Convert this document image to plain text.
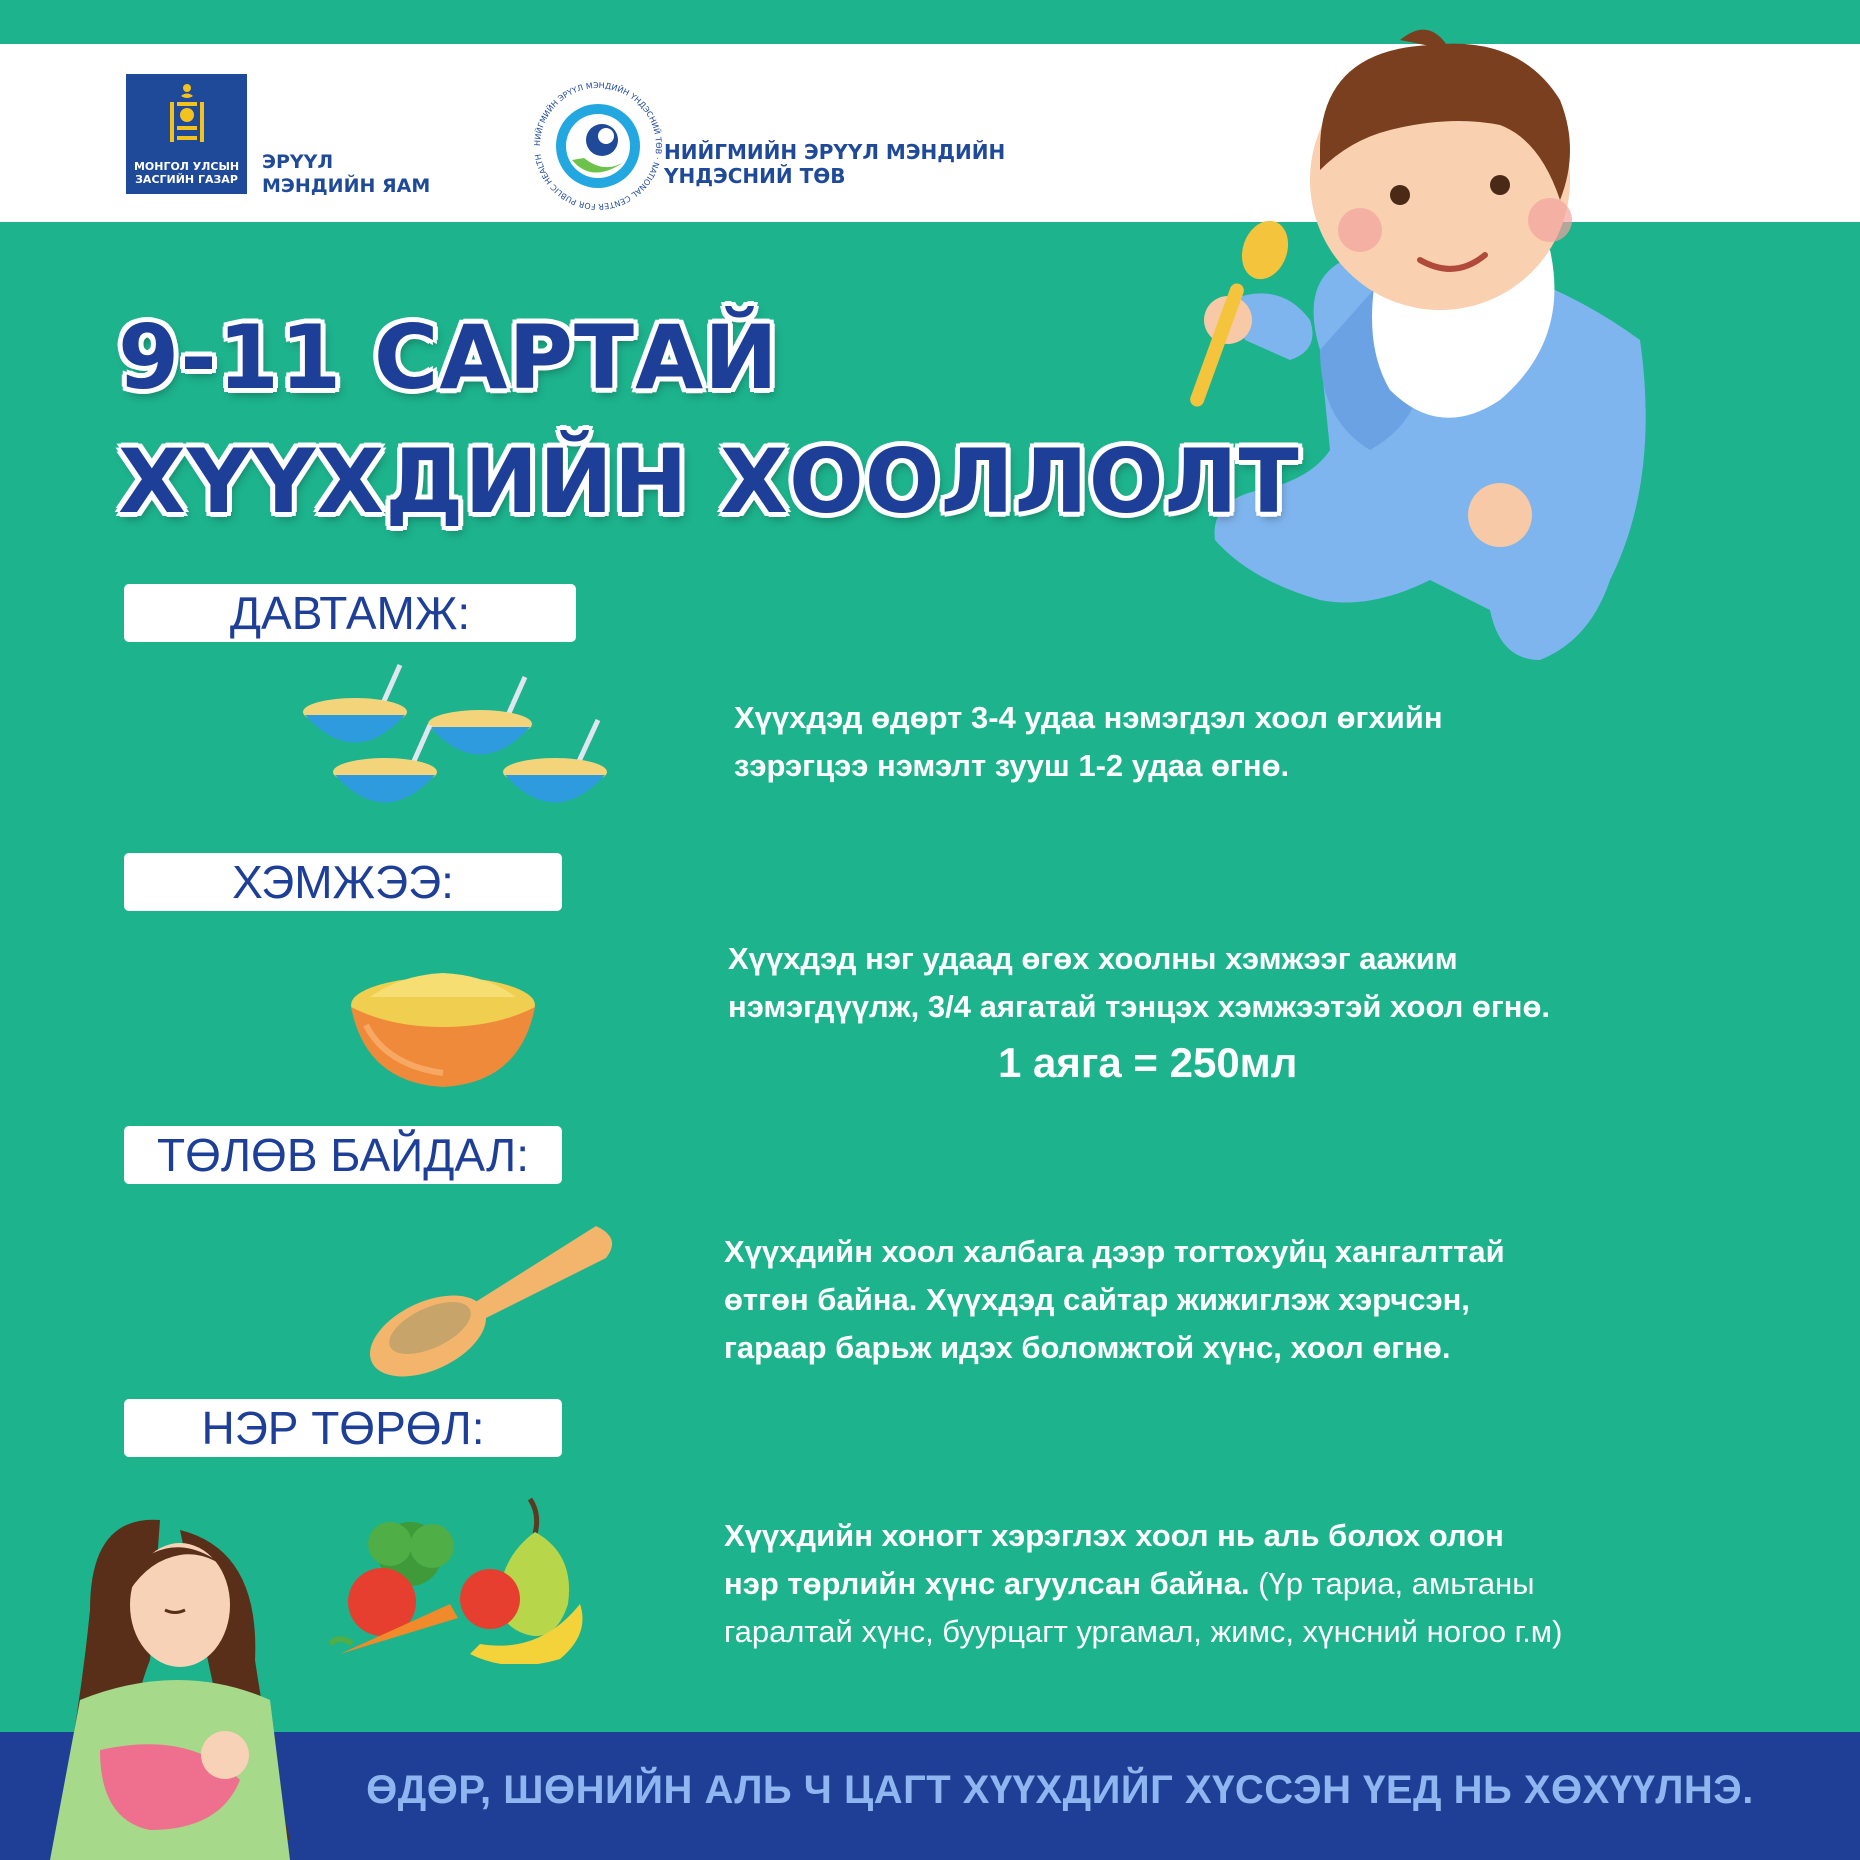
МОНГОЛ УЛСЫН ЗАСГИЙН ГАЗАР
ЭРҮҮЛ
МЭНДИЙН ЯАМ
НИЙГМИЙН ЭРҮҮЛ МЭНДИЙН ҮНДЭСНИЙ ТӨВ · NATIONAL CENTER FOR PUBLIC HEALTH	НИЙГМИЙН ЭРҮҮЛ МЭНДИЙН
ҮНДЭСНИЙ ТӨВ
9-11 САРТАЙ
ХҮҮХДИЙН ХООЛЛОЛТ
ДАВТАМЖ:

Хүүхдэд өдөрт 3-4 удаа нэмэгдэл хоол өгхийн
зэрэгцээ нэмэлт зууш 1-2 удаа өгнө.

ХЭМЖЭЭ:

Хүүхдэд нэг удаад өгөх хоолны хэмжээг аажим
нэмэгдүүлж, 3/4 аягатай тэнцэх хэмжээтэй хоол өгнө.
1 аяга = 250мл

ТӨЛӨВ БАЙДАЛ:

Хүүхдийн хоол халбага дээр тогтохуйц хангалттай
өтгөн байна. Хүүхдэд сайтар жижиглэж хэрчсэн,
гараар барьж идэх боломжтой хүнс, хоол өгнө.

НЭР ТӨРӨЛ:

Хүүхдийн хоногт хэрэглэх хоол нь аль болох олон
нэр төрлийн хүнс агуулсан байна. (Үр тариа, амьтаны
гаралтай хүнс, буурцагт ургамал, жимс, хүнсний ногоо г.м)

ӨДӨР, ШӨНИЙН АЛЬ Ч ЦАГТ ХҮҮХДИЙГ ХҮССЭН ҮЕД НЬ ХӨХҮҮЛНЭ.
